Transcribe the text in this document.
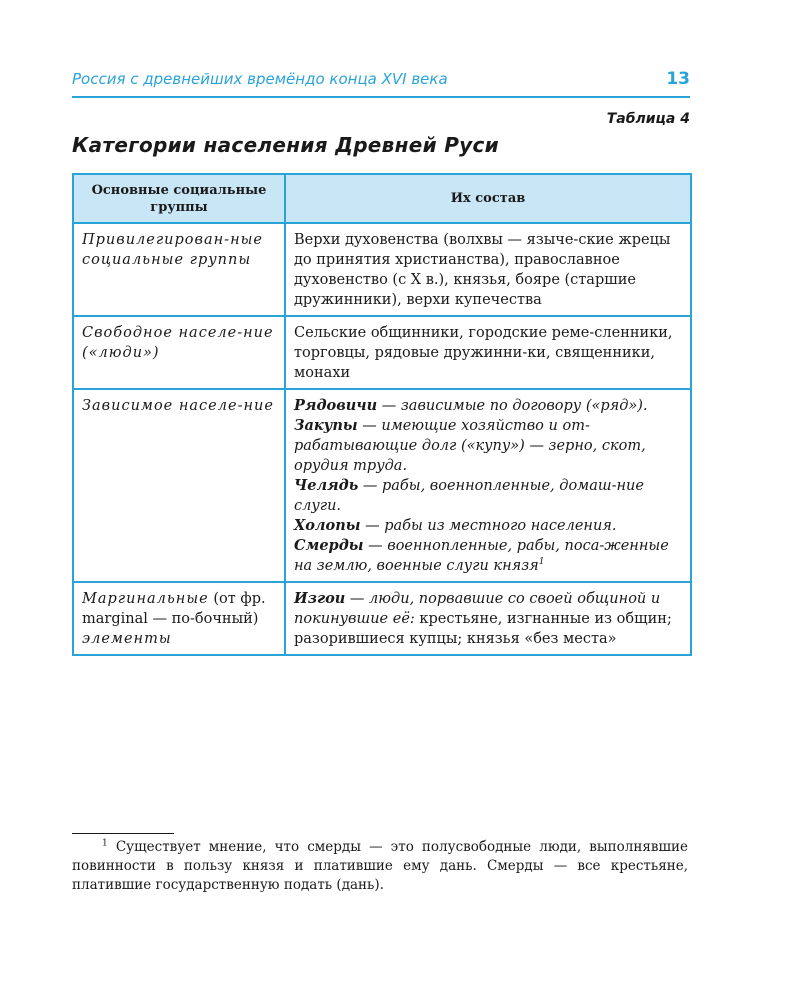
Россия с древнейших времёндо конца XVI века	13
Таблица 4
Категории населения Древней Руси
Основные социальные группы	Их состав
Привилегирован-ные социальные группы	Верхи духовенства (волхвы — языче-ские жрецы до принятия христианства), православное духовенство (с X в.), князья, бояре (старшие дружинники), верхи купечества
Свободное населе-ние («люди»)	Сельские общинники, городские реме-сленники, торговцы, рядовые дружинни-ки, священники, монахи
Зависимое населе-ние	Рядовичи — зависимые по договору («ряд»).
Закупы — имеющие хозяйство и от-рабатывающие долг («купу») — зерно, скот, орудия труда.
Челядь — рабы, военнопленные, домаш-ние слуги.
Холопы — рабы из местного населения.
Смерды — военнопленные, рабы, поса-женные на землю, военные слуги князя$^1$

Маргинальные (от фр. marginal — по-бочный) элементы	Изгои — люди, порвавшие со своей общиной и покинувшие её: крестьяне, изгнанные из общин; разорившиеся купцы; князья «без места»
$^1$ Существует мнение, что смерды — это полусвободные люди, выполнявшие повинности в пользу князя и платившие ему дань. Смерды — все крестьяне, платившие государственную подать (дань).
